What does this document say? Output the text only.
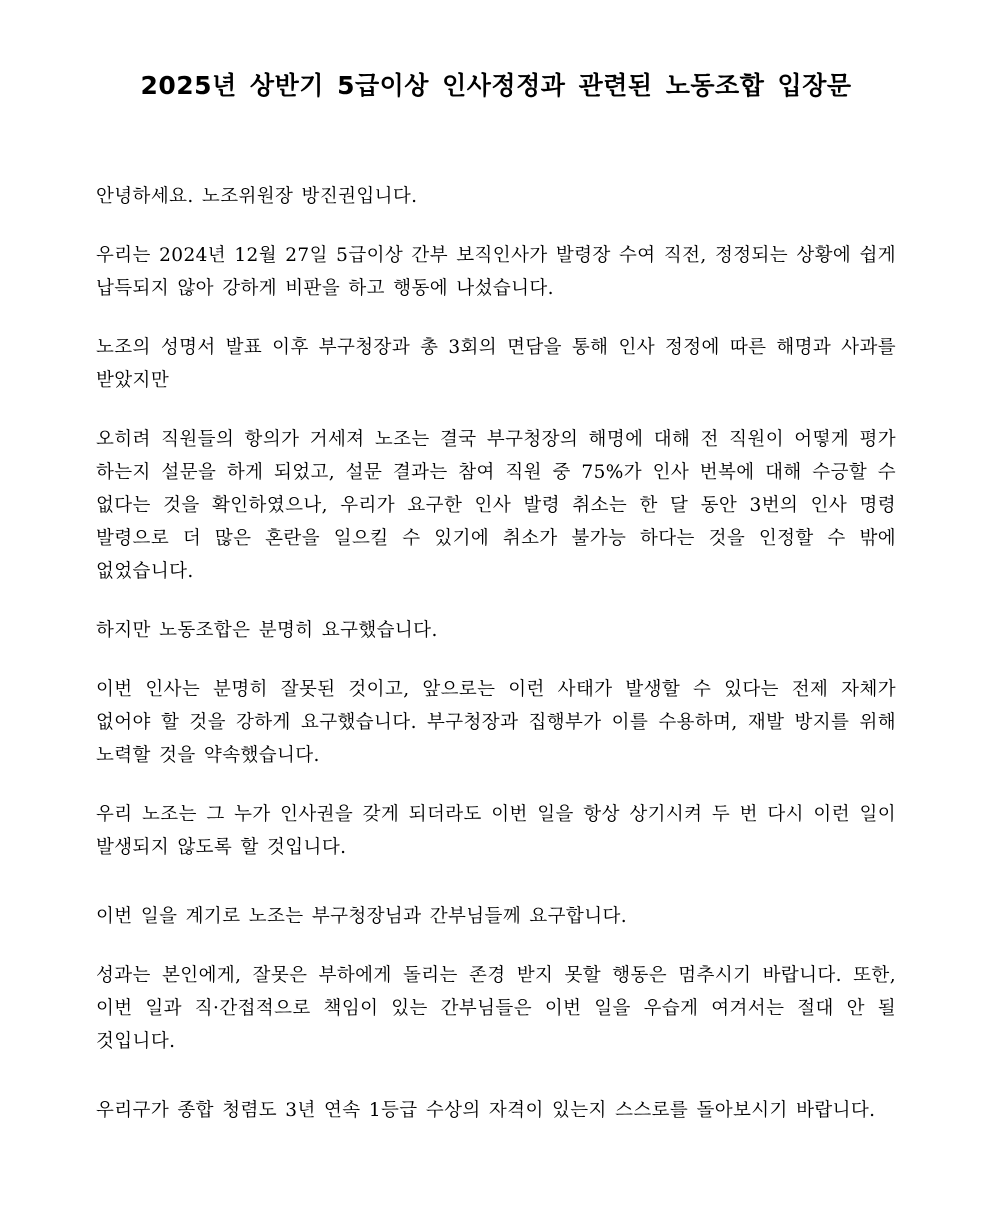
2025년 상반기 5급이상 인사정정과 관련된 노동조합 입장문

안녕하세요. 노조위원장 방진권입니다.

우리는 2024년 12월 27일 5급이상 간부 보직인사가 발령장 수여 직전, 정정되는 상황에 쉽게 납득되지 않아 강하게 비판을 하고 행동에 나섰습니다.

노조의 성명서 발표 이후 부구청장과 총 3회의 면담을 통해 인사 정정에 따른 해명과 사과를 받았지만

오히려 직원들의 항의가 거세져 노조는 결국 부구청장의 해명에 대해 전 직원이 어떻게 평가 하는지 설문을 하게 되었고, 설문 결과는 참여 직원 중 75%가 인사 번복에 대해 수긍할 수 없다는 것을 확인하였으나, 우리가 요구한 인사 발령 취소는 한 달 동안 3번의 인사 명령 발령으로 더 많은 혼란을 일으킬 수 있기에 취소가 불가능 하다는 것을 인정할 수 밖에 없었습니다.

하지만 노동조합은 분명히 요구했습니다.

이번 인사는 분명히 잘못된 것이고, 앞으로는 이런 사태가 발생할 수 있다는 전제 자체가 없어야 할 것을 강하게 요구했습니다. 부구청장과 집행부가 이를 수용하며, 재발 방지를 위해 노력할 것을 약속했습니다.

우리 노조는 그 누가 인사권을 갖게 되더라도 이번 일을 항상 상기시켜 두 번 다시 이런 일이 발생되지 않도록 할 것입니다.

이번 일을 계기로 노조는 부구청장님과 간부님들께 요구합니다.

성과는 본인에게, 잘못은 부하에게 돌리는 존경 받지 못할 행동은 멈추시기 바랍니다. 또한, 이번 일과 직·간접적으로 책임이 있는 간부님들은 이번 일을 우습게 여겨서는 절대 안 될 것입니다.

우리구가 종합 청렴도 3년 연속 1등급 수상의 자격이 있는지 스스로를 돌아보시기 바랍니다.
